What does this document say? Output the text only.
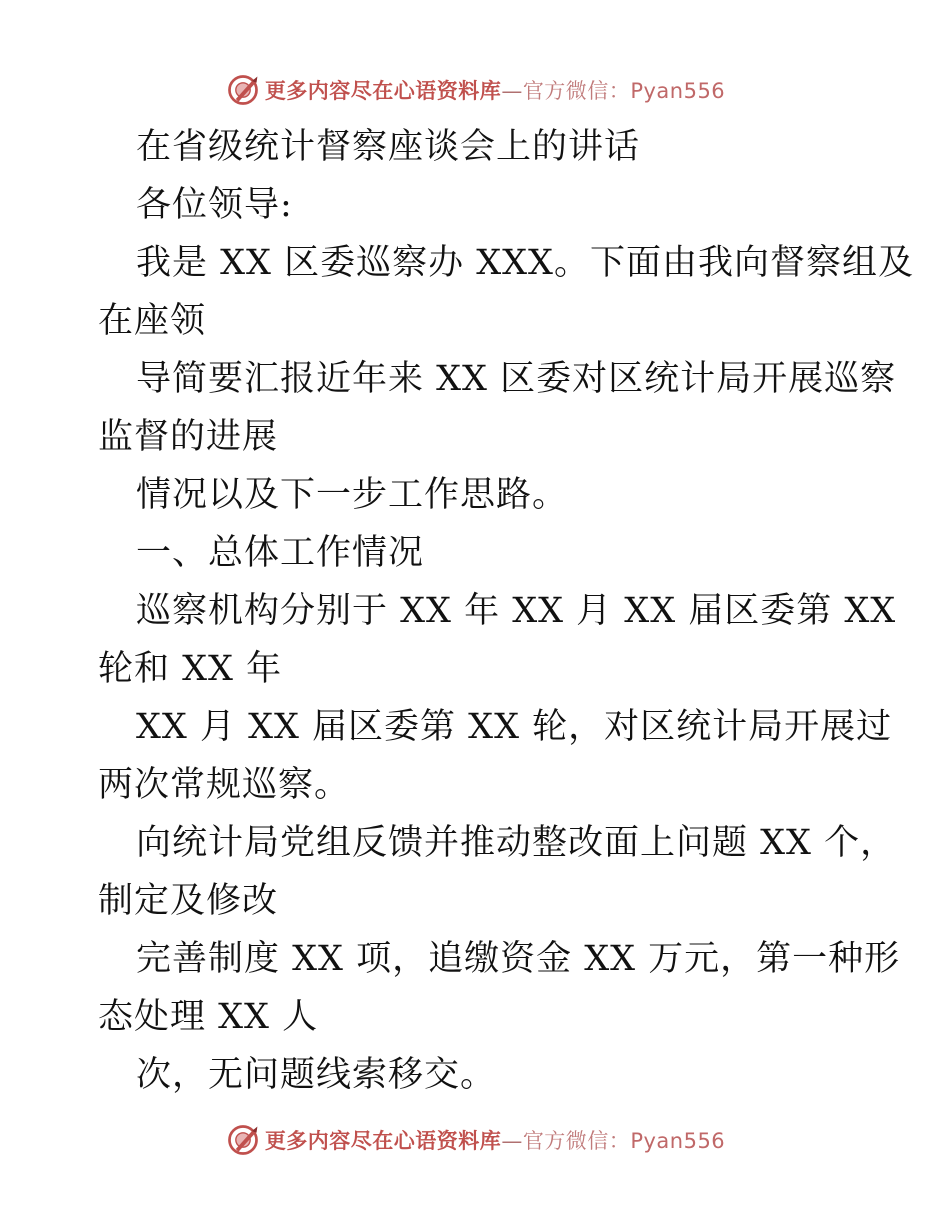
更多内容尽在心语资料库—官方微信：Pyan556
在省级统计督察座谈会上的讲话
各位领导:
我是 XX 区委巡察办 XXX。下面由我向督察组及
在座领
导简要汇报近年来 XX 区委对区统计局开展巡察
监督的进展
情况以及下一步工作思路。
一、总体工作情况
巡察机构分别于 XX 年 XX 月 XX 届区委第 XX
轮和 XX 年
XX 月 XX 届区委第 XX 轮，对区统计局开展过
两次常规巡察。
向统计局党组反馈并推动整改面上问题 XX 个，
制定及修改
完善制度 XX 项，追缴资金 XX 万元，第一种形
态处理 XX 人
次，无问题线索移交。
更多内容尽在心语资料库—官方微信：Pyan556
